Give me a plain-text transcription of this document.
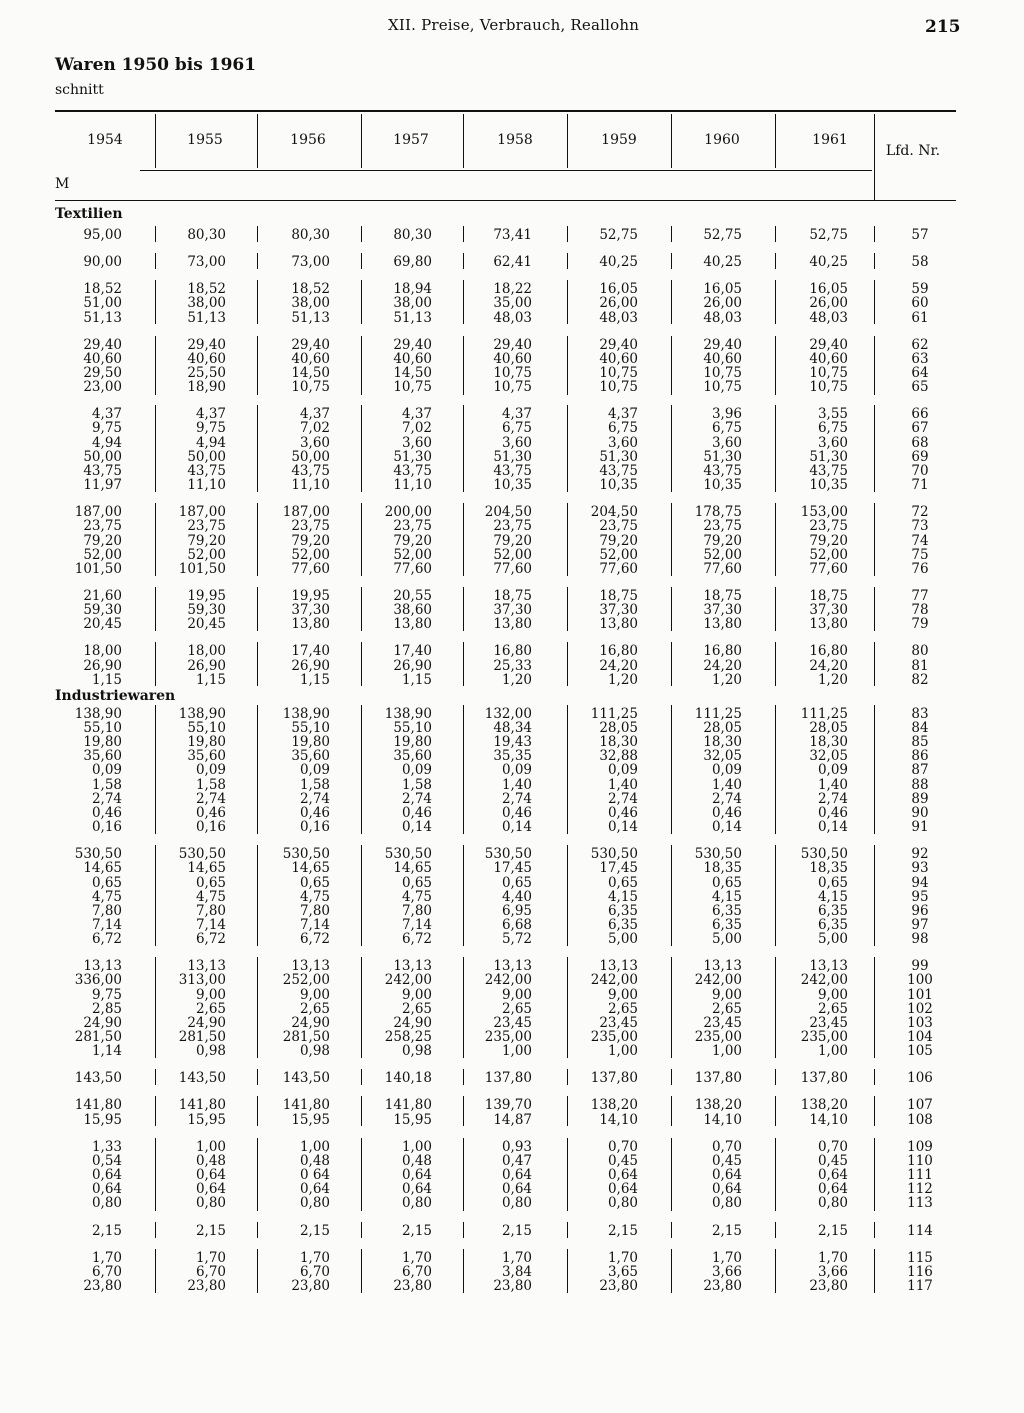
XII. Preise, Verbrauch, Reallohn	215
Waren 1950 bis 1961
schnitt
M
1954	1955	1956	1957	1958	1959	1960	1961
Lfd. Nr.
Textilien
95,00	80,30	80,30	80,30	73,41	52,75	52,75	52,75	57
90,00	73,00	73,00	69,80	62,41	40,25	40,25	40,25	58
18,52	18,52	18,52	18,94	18,22	16,05	16,05	16,05	59
51,00	38,00	38,00	38,00	35,00	26,00	26,00	26,00	60
51,13	51,13	51,13	51,13	48,03	48,03	48,03	48,03	61
29,40	29,40	29,40	29,40	29,40	29,40	29,40	29,40	62
40,60	40,60	40,60	40,60	40,60	40,60	40,60	40,60	63
29,50	25,50	14,50	14,50	10,75	10,75	10,75	10,75	64
23,00	18,90	10,75	10,75	10,75	10,75	10,75	10,75	65
4,37	4,37	4,37	4,37	4,37	4,37	3,96	3,55	66
9,75	9,75	7,02	7,02	6,75	6,75	6,75	6,75	67
4,94	4,94	3,60	3,60	3,60	3,60	3,60	3,60	68
50,00	50,00	50,00	51,30	51,30	51,30	51,30	51,30	69
43,75	43,75	43,75	43,75	43,75	43,75	43,75	43,75	70
11,97	11,10	11,10	11,10	10,35	10,35	10,35	10,35	71
187,00	187,00	187,00	200,00	204,50	204,50	178,75	153,00	72
23,75	23,75	23,75	23,75	23,75	23,75	23,75	23,75	73
79,20	79,20	79,20	79,20	79,20	79,20	79,20	79,20	74
52,00	52,00	52,00	52,00	52,00	52,00	52,00	52,00	75
101,50	101,50	77,60	77,60	77,60	77,60	77,60	77,60	76
21,60	19,95	19,95	20,55	18,75	18,75	18,75	18,75	77
59,30	59,30	37,30	38,60	37,30	37,30	37,30	37,30	78
20,45	20,45	13,80	13,80	13,80	13,80	13,80	13,80	79
18,00	18,00	17,40	17,40	16,80	16,80	16,80	16,80	80
26,90	26,90	26,90	26,90	25,33	24,20	24,20	24,20	81
1,15	1,15	1,15	1,15	1,20	1,20	1,20	1,20	82
Industriewaren
138,90	138,90	138,90	138,90	132,00	111,25	111,25	111,25	83
55,10	55,10	55,10	55,10	48,34	28,05	28,05	28,05	84
19,80	19,80	19,80	19,80	19,43	18,30	18,30	18,30	85
35,60	35,60	35,60	35,60	35,35	32,88	32,05	32,05	86
0,09	0,09	0,09	0,09	0,09	0,09	0,09	0,09	87
1,58	1,58	1,58	1,58	1,40	1,40	1,40	1,40	88
2,74	2,74	2,74	2,74	2,74	2,74	2,74	2,74	89
0,46	0,46	0,46	0,46	0,46	0,46	0,46	0,46	90
0,16	0,16	0,16	0,14	0,14	0,14	0,14	0,14	91
530,50	530,50	530,50	530,50	530,50	530,50	530,50	530,50	92
14,65	14,65	14,65	14,65	17,45	17,45	18,35	18,35	93
0,65	0,65	0,65	0,65	0,65	0,65	0,65	0,65	94
4,75	4,75	4,75	4,75	4,40	4,15	4,15	4,15	95
7,80	7,80	7,80	7,80	6,95	6,35	6,35	6,35	96
7,14	7,14	7,14	7,14	6,68	6,35	6,35	6,35	97
6,72	6,72	6,72	6,72	5,72	5,00	5,00	5,00	98
13,13	13,13	13,13	13,13	13,13	13,13	13,13	13,13	99
336,00	313,00	252,00	242,00	242,00	242,00	242,00	242,00	100
9,75	9,00	9,00	9,00	9,00	9,00	9,00	9,00	101
2,85	2,65	2,65	2,65	2,65	2,65	2,65	2,65	102
24,90	24,90	24,90	24,90	23,45	23,45	23,45	23,45	103
281,50	281,50	281,50	258,25	235,00	235,00	235,00	235,00	104
1,14	0,98	0,98	0,98	1,00	1,00	1,00	1,00	105
143,50	143,50	143,50	140,18	137,80	137,80	137,80	137,80	106
141,80	141,80	141,80	141,80	139,70	138,20	138,20	138,20	107
15,95	15,95	15,95	15,95	14,87	14,10	14,10	14,10	108
1,33	1,00	1,00	1,00	0,93	0,70	0,70	0,70	109
0,54	0,48	0,48	0,48	0,47	0,45	0,45	0,45	110
0,64	0,64	0 64	0,64	0,64	0,64	0,64	0,64	111
0,64	0,64	0,64	0,64	0,64	0,64	0,64	0,64	112
0,80	0,80	0,80	0,80	0,80	0,80	0,80	0,80	113
2,15	2,15	2,15	2,15	2,15	2,15	2,15	2,15	114
1,70	1,70	1,70	1,70	1,70	1,70	1,70	1,70	115
6,70	6,70	6,70	6,70	3,84	3,65	3,66	3,66	116
23,80	23,80	23,80	23,80	23,80	23,80	23,80	23,80	117
